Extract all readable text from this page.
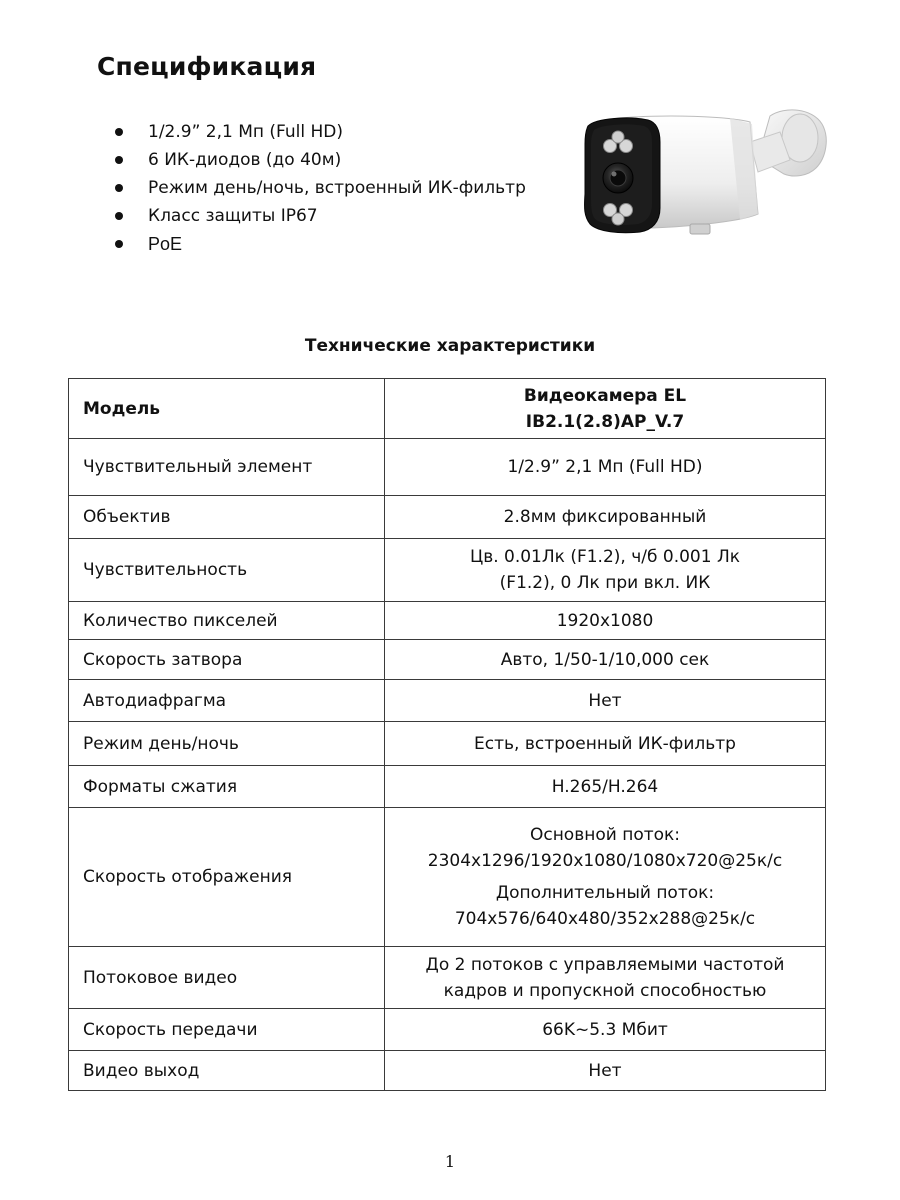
Спецификация
1/2.9” 2,1 Мп (Full HD)
6 ИК-диодов (до 40м)
Режим день/ночь, встроенный ИК-фильтр
Класс защиты IP67
PoE
Технические характеристики
Модель	Видеокамера EL
IB2.1(2.8)AP_V.7

Чувствительный элемент	1/2.9” 2,1 Мп (Full HD)
Объектив	2.8мм фиксированный
Чувствительность	Цв. 0.01Лк (F1.2), ч/б 0.001 Лк
(F1.2), 0 Лк при вкл. ИК

Количество пикселей	1920x1080
Скорость затвора	Авто, 1/50-1/10,000 сек
Автодиафрагма	Нет
Режим день/ночь	Есть, встроенный ИК-фильтр
Форматы сжатия	H.265/H.264
Скорость отображения	Основной поток:
2304x1296/1920x1080/1080x720@25к/с
Дополнительный поток:
704x576/640x480/352x288@25к/с

Потоковое видео	До 2 потоков с управляемыми частотой
кадров и пропускной способностью

Скорость передачи	66K~5.3 Мбит
Видео выход	Нет
1
